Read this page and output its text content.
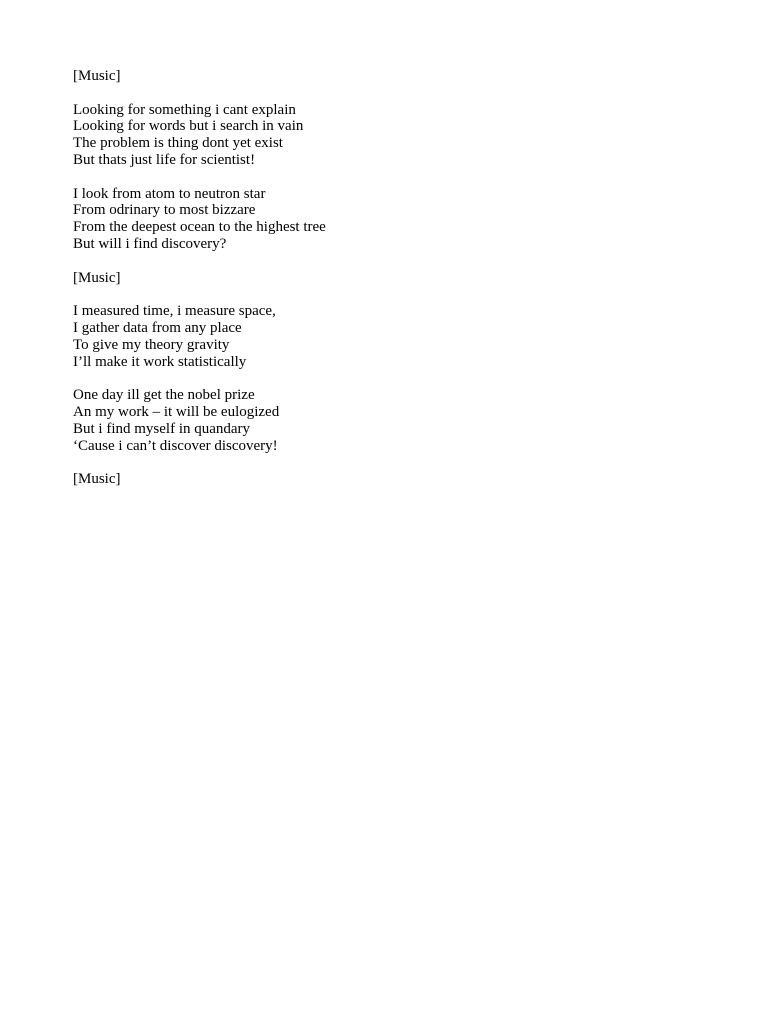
[Music]
Looking for something i cant explain
Looking for words but i search in vain
The problem is thing dont yet exist
But thats just life for scientist!
I look from atom to neutron star
From odrinary to most bizzare
From the deepest ocean to the highest tree
But will i find discovery?
[Music]
I measured time, i measure space,
I gather data from any place
To give my theory gravity
I’ll make it work statistically
One day ill get the nobel prize
An my work – it will be eulogized
But i find myself in quandary
‘Cause i can’t discover discovery!
[Music]
